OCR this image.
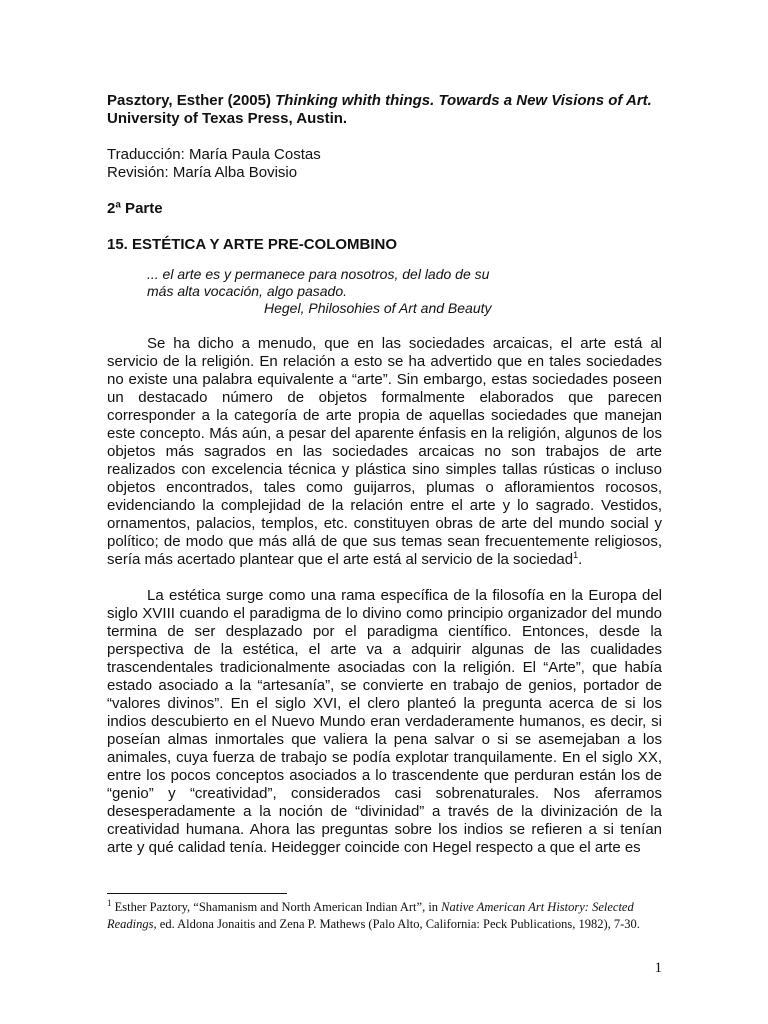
Pasztory, Esther (2005) Thinking whith things. Towards a New Visions of Art.
University of Texas Press, Austin.

Traducción: María Paula Costas
Revisión: María Alba Bovisio
2ª Parte
15. ESTÉTICA Y ARTE PRE-COLOMBINO
... el arte es y permanece para nosotros, del lado de su
más alta vocación, algo pasado.
Hegel, Philosohies of Art and Beauty

Se ha dicho a menudo, que en las sociedades arcaicas, el arte está al servicio de la religión. En relación a esto se ha advertido que en tales sociedades no existe una palabra equivalente a “arte”. Sin embargo, estas sociedades poseen un destacado número de objetos formalmente elaborados que parecen corresponder a la categoría de arte propia de aquellas sociedades que manejan este concepto. Más aún, a pesar del aparente énfasis en la religión, algunos de los objetos más sagrados en las sociedades arcaicas no son trabajos de arte realizados con excelencia técnica y plástica sino simples tallas rústicas o incluso objetos encontrados, tales como guijarros, plumas o afloramientos rocosos, evidenciando la complejidad de la relación entre el arte y lo sagrado. Vestidos, ornamentos, palacios, templos, etc. constituyen obras de arte del mundo social y político; de modo que más allá de que sus temas sean frecuentemente religiosos, sería más acertado plantear que el arte está al servicio de la sociedad$^1$.

La estética surge como una rama específica de la filosofía en la Europa del siglo XVIII cuando el paradigma de lo divino como principio organizador del mundo termina de ser desplazado por el paradigma científico. Entonces, desde la perspectiva de la estética, el arte va a adquirir algunas de las cualidades trascendentales tradicionalmente asociadas con la religión. El “Arte”, que había estado asociado a la “artesanía”, se convierte en trabajo de genios, portador de “valores divinos”. En el siglo XVI, el clero planteó la pregunta acerca de si los indios descubierto en el Nuevo Mundo eran verdaderamente humanos, es decir, si poseían almas inmortales que valiera la pena salvar o si se asemejaban a los animales, cuya fuerza de trabajo se podía explotar tranquilamente. En el siglo XX, entre los pocos conceptos asociados a lo trascendente que perduran están los de “genio” y “creatividad”, considerados casi sobrenaturales. Nos aferramos desesperadamente a la noción de “divinidad” a través de la divinización de la creatividad humana. Ahora las preguntas sobre los indios se refieren a si tenían arte y qué calidad tenía. Heidegger coincide con Hegel respecto a que el arte es

$^1$ Esther Paztory, “Shamanism and North American Indian Art”, in Native American Art History: Selected Readings, ed. Aldona Jonaitis and Zena P. Mathews (Palo Alto, California: Peck Publications, 1982), 7-30.
1
